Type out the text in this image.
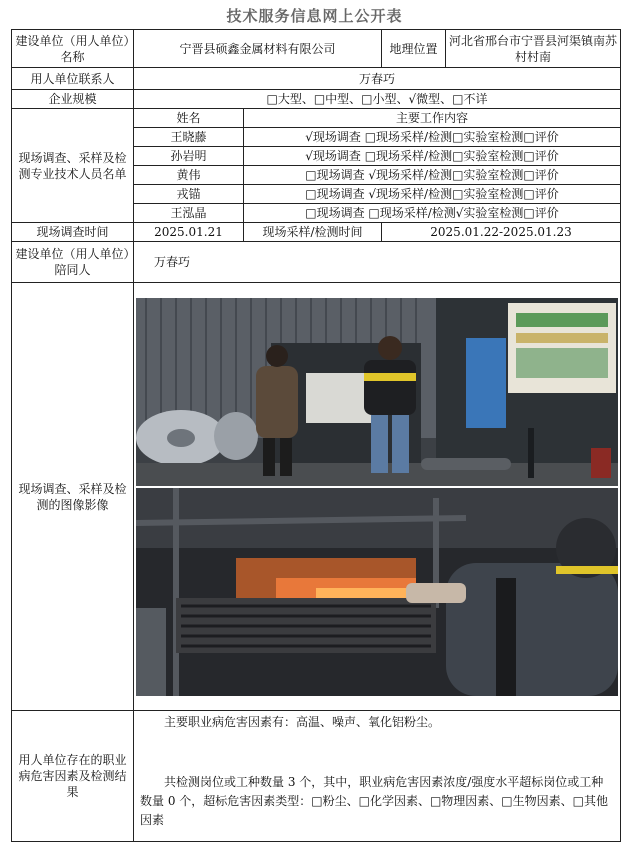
技术服务信息网上公开表
建设单位（用人单位）名称	宁晋县硕鑫金属材料有限公司		地理位置	河北省邢台市宁晋县河渠镇南苏村村南
用人单位联系人	万春巧			
企业规模	□大型、□中型、□小型、√微型、□不详			
现场调查、采样及检测专业技术人员名单	姓名	主要工作内容		
	王晓藤	√现场调查 □现场采样/检测□实验室检测□评价		
	孙岩明	√现场调查 □现场采样/检测□实验室检测□评价		
	黄伟	□现场调查 √现场采样/检测□实验室检测□评价		
	戎锚	□现场调查 √现场采样/检测□实验室检测□评价		
	王泓晶	□现场调查 □现场采样/检测√实验室检测□评价		
现场调查时间	2025.01.21	现场采样/检测时间	2025.01.22-2025.01.23	
建设单位（用人单位）陪同人	万春巧			
现场调查、采样及检测的图像影像	

用人单位存在的职业病危害因素及检测结果	主要职业病危害因素有：高温、噪声、氧化铝粉尘。
共检测岗位或工种数量 3 个，其中，职业病危害因素浓度/强度水平超标岗位或工种数量 0 个，超标危害因素类型：□粉尘、□化学因素、□物理因素、□生物因素、□其他因素			
